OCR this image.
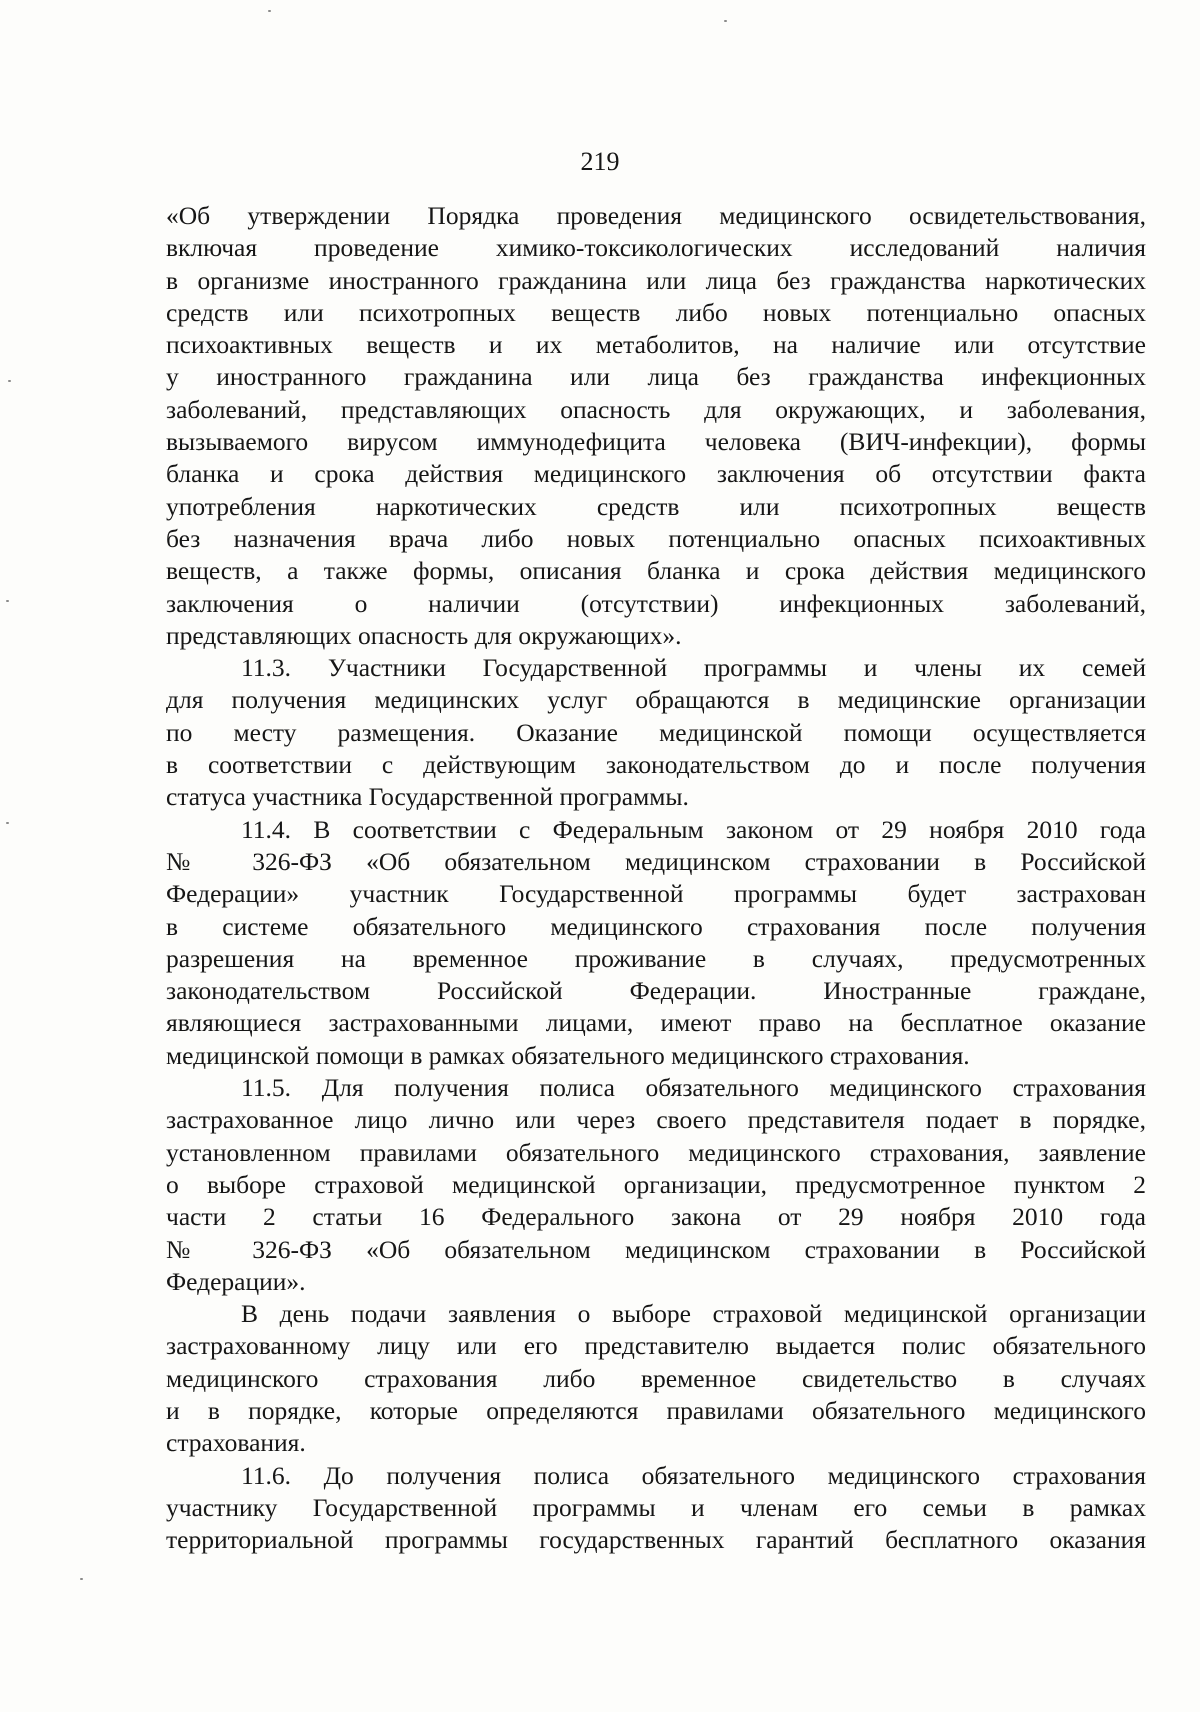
219
«Об утверждении Порядка проведения медицинского освидетельствования,
включая проведение химико-токсикологических исследований наличия
в организме иностранного гражданина или лица без гражданства наркотических
средств или психотропных веществ либо новых потенциально опасных
психоактивных веществ и их метаболитов, на наличие или отсутствие
у иностранного гражданина или лица без гражданства инфекционных
заболеваний, представляющих опасность для окружающих, и заболевания,
вызываемого вирусом иммунодефицита человека (ВИЧ-инфекции), формы
бланка и срока действия медицинского заключения об отсутствии факта
употребления наркотических средств или психотропных веществ
без назначения врача либо новых потенциально опасных психоактивных
веществ, а также формы, описания бланка и срока действия медицинского
заключения о наличии (отсутствии) инфекционных заболеваний,
представляющих опасность для окружающих».
11.3. Участники Государственной программы и члены их семей
для получения медицинских услуг обращаются в медицинские организации
по месту размещения. Оказание медицинской помощи осуществляется
в соответствии с действующим законодательством до и после получения
статуса участника Государственной программы.
11.4. В соответствии с Федеральным законом от 29 ноября 2010 года
№ 326-ФЗ «Об обязательном медицинском страховании в Российской
Федерации» участник Государственной программы будет застрахован
в системе обязательного медицинского страхования после получения
разрешения на временное проживание в случаях, предусмотренных
законодательством Российской Федерации. Иностранные граждане,
являющиеся застрахованными лицами, имеют право на бесплатное оказание
медицинской помощи в рамках обязательного медицинского страхования.
11.5. Для получения полиса обязательного медицинского страхования
застрахованное лицо лично или через своего представителя подает в порядке,
установленном правилами обязательного медицинского страхования, заявление
о выборе страховой медицинской организации, предусмотренное пунктом 2
части 2 статьи 16 Федерального закона от 29 ноября 2010 года
№ 326-ФЗ «Об обязательном медицинском страховании в Российской
Федерации».
В день подачи заявления о выборе страховой медицинской организации
застрахованному лицу или его представителю выдается полис обязательного
медицинского страхования либо временное свидетельство в случаях
и в порядке, которые определяются правилами обязательного медицинского
страхования.
11.6. До получения полиса обязательного медицинского страхования
участнику Государственной программы и членам его семьи в рамках
территориальной программы государственных гарантий бесплатного оказания
